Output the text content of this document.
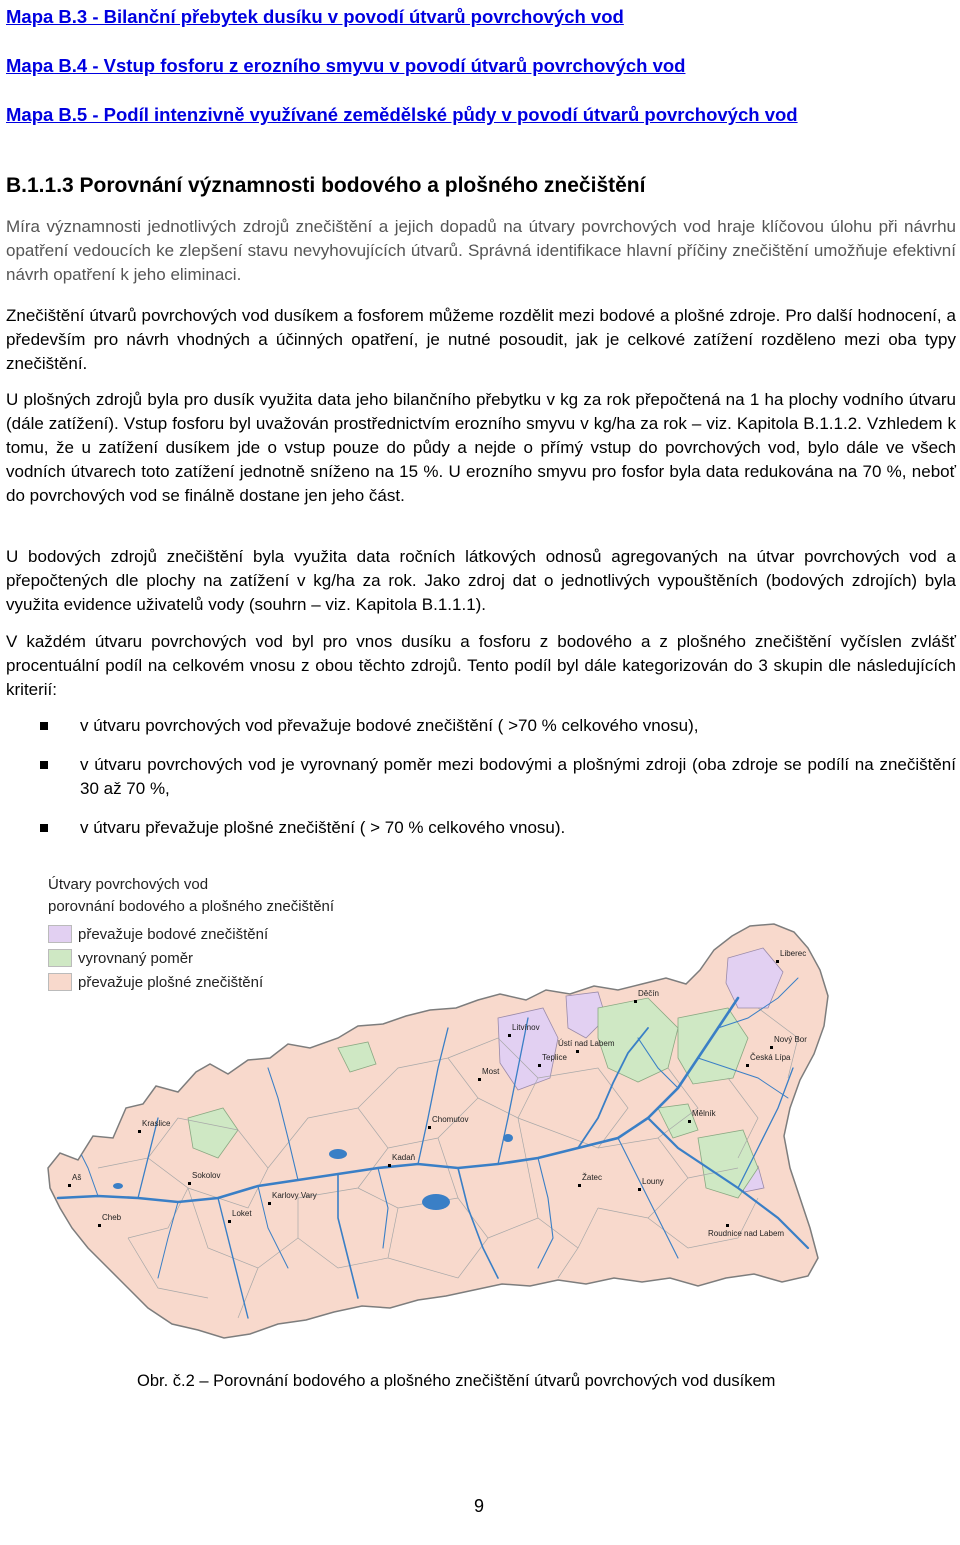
Mapa B.3 - Bilanční přebytek dusíku v povodí útvarů povrchových vod
Mapa B.4 - Vstup fosforu z erozního smyvu v povodí útvarů povrchových vod
Mapa B.5 - Podíl intenzivně využívané zemědělské půdy v povodí útvarů povrchových vod
B.1.1.3 Porovnání významnosti bodového a plošného znečištění

Míra významnosti jednotlivých zdrojů znečištění a jejich dopadů na útvary povrchových vod hraje klíčovou úlohu při návrhu opatření vedoucích ke zlepšení stavu nevyhovujících útvarů. Správná identifikace hlavní příčiny znečištění umožňuje efektivní návrh opatření k jeho eliminaci.

Znečištění útvarů povrchových vod dusíkem a fosforem můžeme rozdělit mezi bodové a plošné zdroje. Pro další hodnocení, a především pro návrh vhodných a účinných opatření, je nutné posoudit, jak je celkové zatížení rozděleno mezi oba typy znečištění.

U plošných zdrojů byla pro dusík využita data jeho bilančního přebytku v kg za rok přepočtená na 1 ha plochy vodního útvaru (dále zatížení). Vstup fosforu byl uvažován prostřednictvím erozního smyvu v kg/ha za rok – viz. Kapitola B.1.1.2. Vzhledem k tomu, že u zatížení dusíkem jde o vstup pouze do půdy a nejde o přímý vstup do povrchových vod, bylo dále ve všech vodních útvarech toto zatížení jednotně sníženo na 15 %. U erozního smyvu pro fosfor byla data redukována na 70 %, neboť do povrchových vod se finálně dostane jen jeho část.

U bodových zdrojů znečištění byla využita data ročních látkových odnosů agregovaných na útvar povrchových vod a přepočtených dle plochy na zatížení v kg/ha za rok. Jako zdroj dat o jednotlivých vypouštěních (bodových zdrojích) byla využita evidence uživatelů vody (souhrn – viz. Kapitola B.1.1.1).

V každém útvaru povrchových vod byl pro vnos dusíku a fosforu z bodového a z plošného znečištění vyčíslen zvlášť procentuální podíl na celkovém vnosu z obou těchto zdrojů. Tento podíl byl dále kategorizován do 3 skupin dle následujících kriterií:

v útvaru povrchových vod převažuje bodové znečištění ( >70 % celkového vnosu),
v útvaru povrchových vod je vyrovnaný poměr mezi bodovými a plošnými zdroji (oba zdroje se podílí na znečištění 30 až 70 %,
v útvaru převažuje plošné znečištění ( > 70 % celkového vnosu).
Děčín
Liberec
Ústí nad Labem
Česká Lípa
Nový Bor
Chomutov
Most
Teplice
Litvínov
Kraslice
Aš
Cheb
Sokolov
Karlovy Vary
Roudnice nad Labem
Žatec	Louny
Kadaň
Loket
Mělník
Útvary povrchových vod
porovnání bodového a plošného znečištění
převažuje bodové znečištění
vyrovnaný poměr
převažuje plošné znečištění
Obr. č.2 – Porovnání bodového a plošného znečištění útvarů povrchových vod dusíkem
9
